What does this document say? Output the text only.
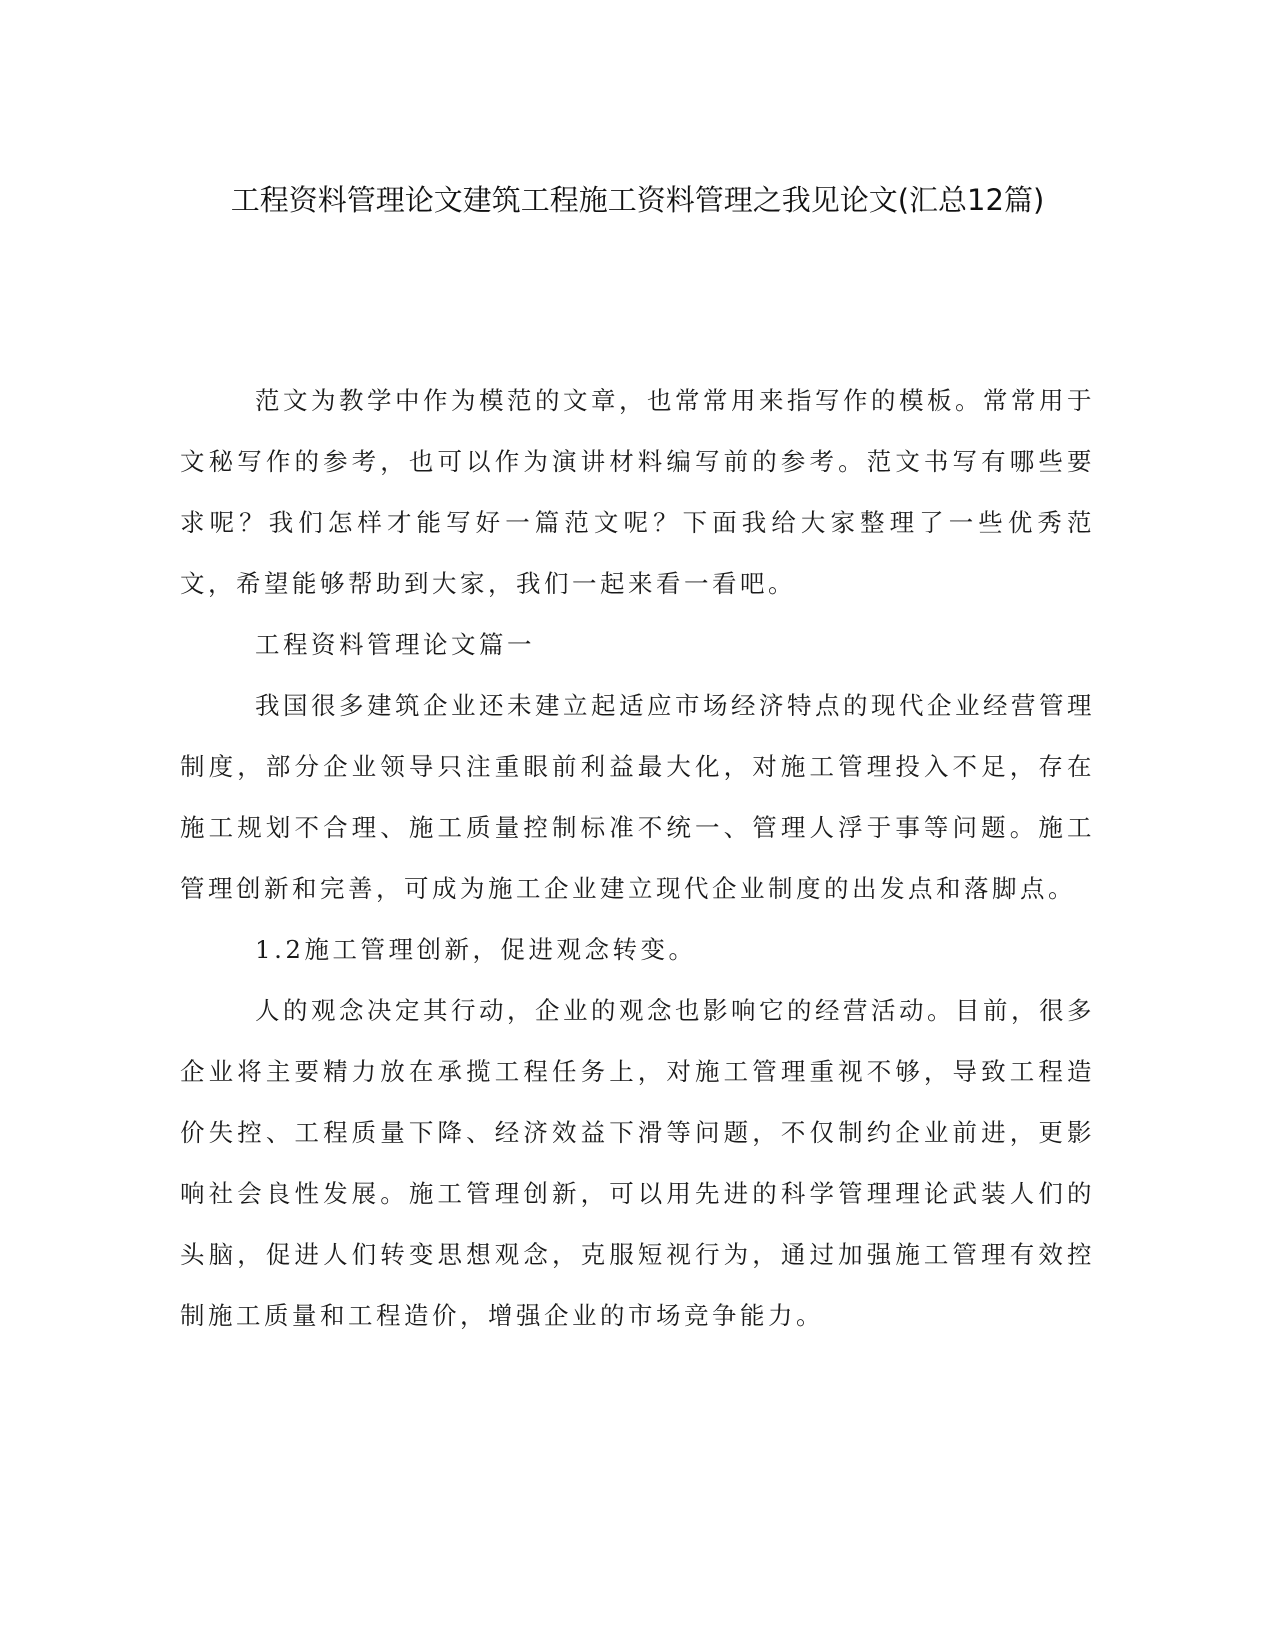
工程资料管理论文建筑工程施工资料管理之我见论文(汇总12篇)

范文为教学中作为模范的文章，也常常用来指写作的模板。常常用于文秘写作的参考，也可以作为演讲材料编写前的参考。范文书写有哪些要求呢？我们怎样才能写好一篇范文呢？下面我给大家整理了一些优秀范文，希望能够帮助到大家，我们一起来看一看吧。

工程资料管理论文篇一

我国很多建筑企业还未建立起适应市场经济特点的现代企业经营管理制度，部分企业领导只注重眼前利益最大化，对施工管理投入不足，存在施工规划不合理、施工质量控制标准不统一、管理人浮于事等问题。施工管理创新和完善，可成为施工企业建立现代企业制度的出发点和落脚点。

1.2施工管理创新，促进观念转变。

人的观念决定其行动，企业的观念也影响它的经营活动。目前，很多企业将主要精力放在承揽工程任务上，对施工管理重视不够，导致工程造价失控、工程质量下降、经济效益下滑等问题，不仅制约企业前进，更影响社会良性发展。施工管理创新，可以用先进的科学管理理论武装人们的头脑，促进人们转变思想观念，克服短视行为，通过加强施工管理有效控制施工质量和工程造价，增强企业的市场竞争能力。
